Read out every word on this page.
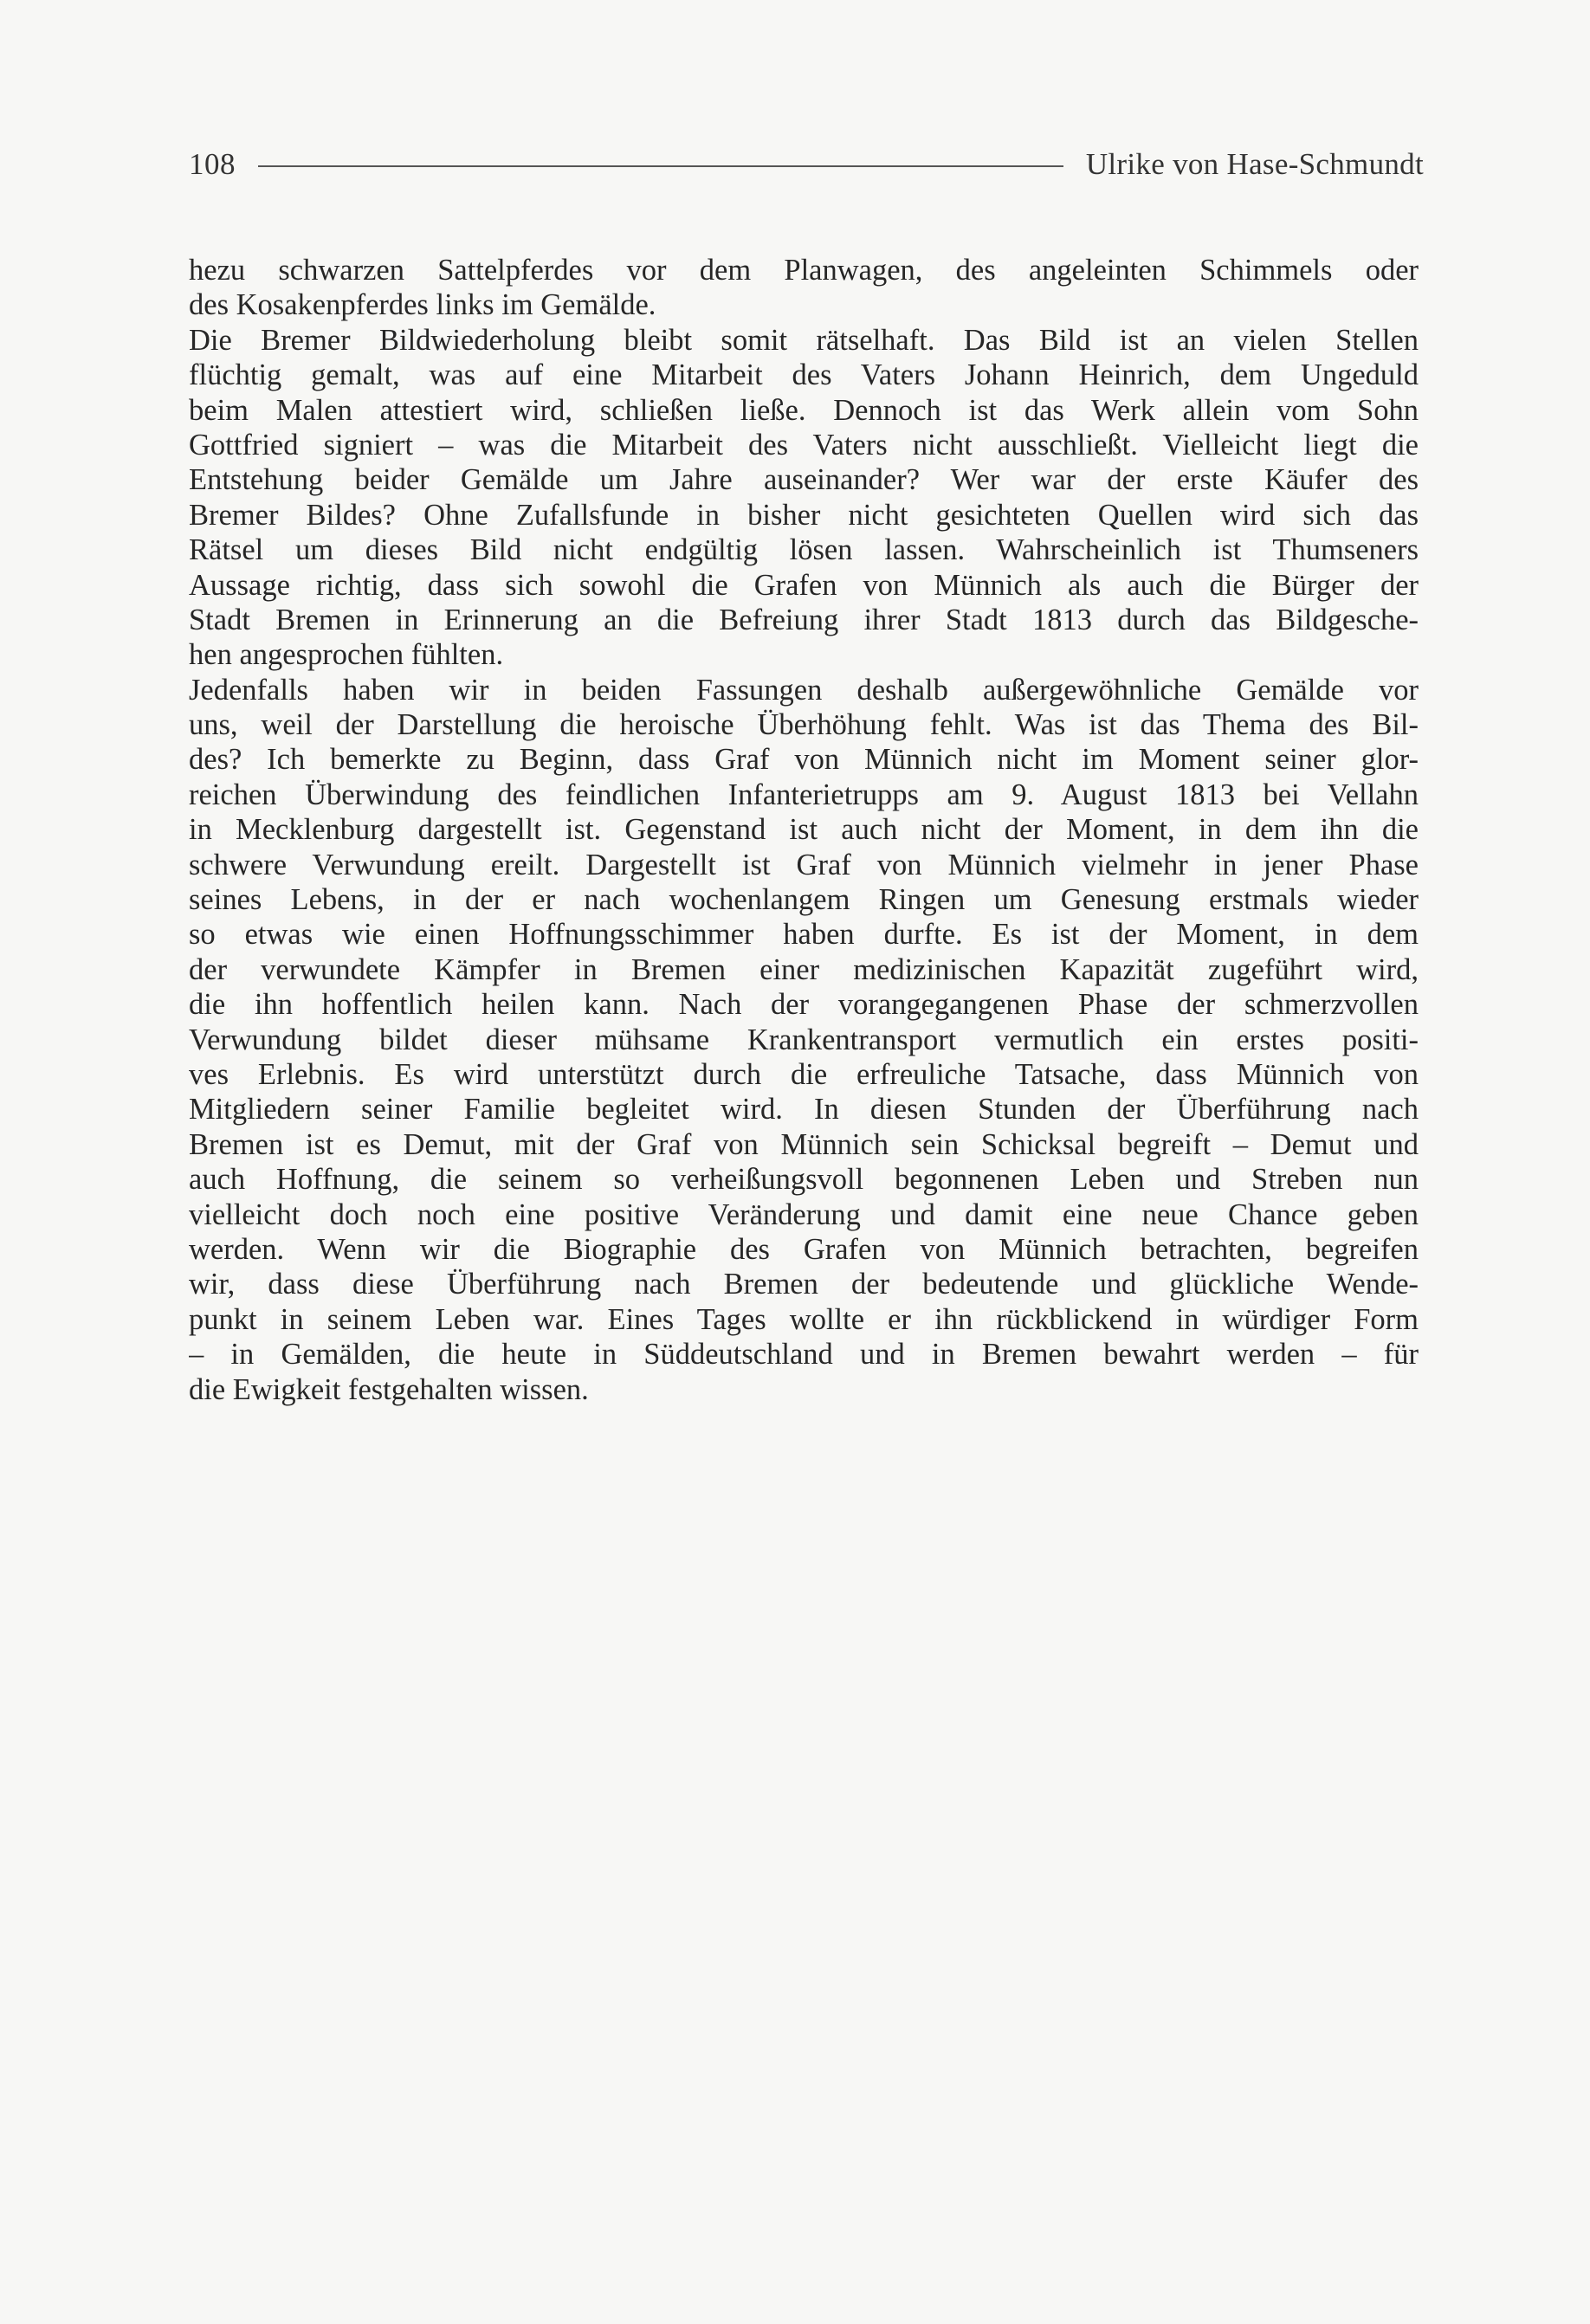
108	Ulrike von Hase-Schmundt
hezu schwarzen Sattelpferdes vor dem Planwagen, des angeleinten Schimmels oder
des Kosakenpferdes links im Gemälde.
Die Bremer Bildwiederholung bleibt somit rätselhaft. Das Bild ist an vielen Stellen
flüchtig gemalt, was auf eine Mitarbeit des Vaters Johann Heinrich, dem Ungeduld
beim Malen attestiert wird, schließen ließe. Dennoch ist das Werk allein vom Sohn
Gottfried signiert – was die Mitarbeit des Vaters nicht ausschließt. Vielleicht liegt die
Entstehung beider Gemälde um Jahre auseinander? Wer war der erste Käufer des
Bremer Bildes? Ohne Zufallsfunde in bisher nicht gesichteten Quellen wird sich das
Rätsel um dieses Bild nicht endgültig lösen lassen. Wahrscheinlich ist Thumseners
Aussage richtig, dass sich sowohl die Grafen von Münnich als auch die Bürger der
Stadt Bremen in Erinnerung an die Befreiung ihrer Stadt 1813 durch das Bildgesche-
hen angesprochen fühlten.
Jedenfalls haben wir in beiden Fassungen deshalb außergewöhnliche Gemälde vor
uns, weil der Darstellung die heroische Überhöhung fehlt. Was ist das Thema des Bil-
des? Ich bemerkte zu Beginn, dass Graf von Münnich nicht im Moment seiner glor-
reichen Überwindung des feindlichen Infanterietrupps am 9. August 1813 bei Vellahn
in Mecklenburg dargestellt ist. Gegenstand ist auch nicht der Moment, in dem ihn die
schwere Verwundung ereilt. Dargestellt ist Graf von Münnich vielmehr in jener Phase
seines Lebens, in der er nach wochenlangem Ringen um Genesung erstmals wieder
so etwas wie einen Hoffnungsschimmer haben durfte. Es ist der Moment, in dem
der verwundete Kämpfer in Bremen einer medizinischen Kapazität zugeführt wird,
die ihn hoffentlich heilen kann. Nach der vorangegangenen Phase der schmerzvollen
Verwundung bildet dieser mühsame Krankentransport vermutlich ein erstes positi-
ves Erlebnis. Es wird unterstützt durch die erfreuliche Tatsache, dass Münnich von
Mitgliedern seiner Familie begleitet wird. In diesen Stunden der Überführung nach
Bremen ist es Demut, mit der Graf von Münnich sein Schicksal begreift – Demut und
auch Hoffnung, die seinem so verheißungsvoll begonnenen Leben und Streben nun
vielleicht doch noch eine positive Veränderung und damit eine neue Chance geben
werden. Wenn wir die Biographie des Grafen von Münnich betrachten, begreifen
wir, dass diese Überführung nach Bremen der bedeutende und glückliche Wende-
punkt in seinem Leben war. Eines Tages wollte er ihn rückblickend in würdiger Form
– in Gemälden, die heute in Süddeutschland und in Bremen bewahrt werden – für
die Ewigkeit festgehalten wissen.
